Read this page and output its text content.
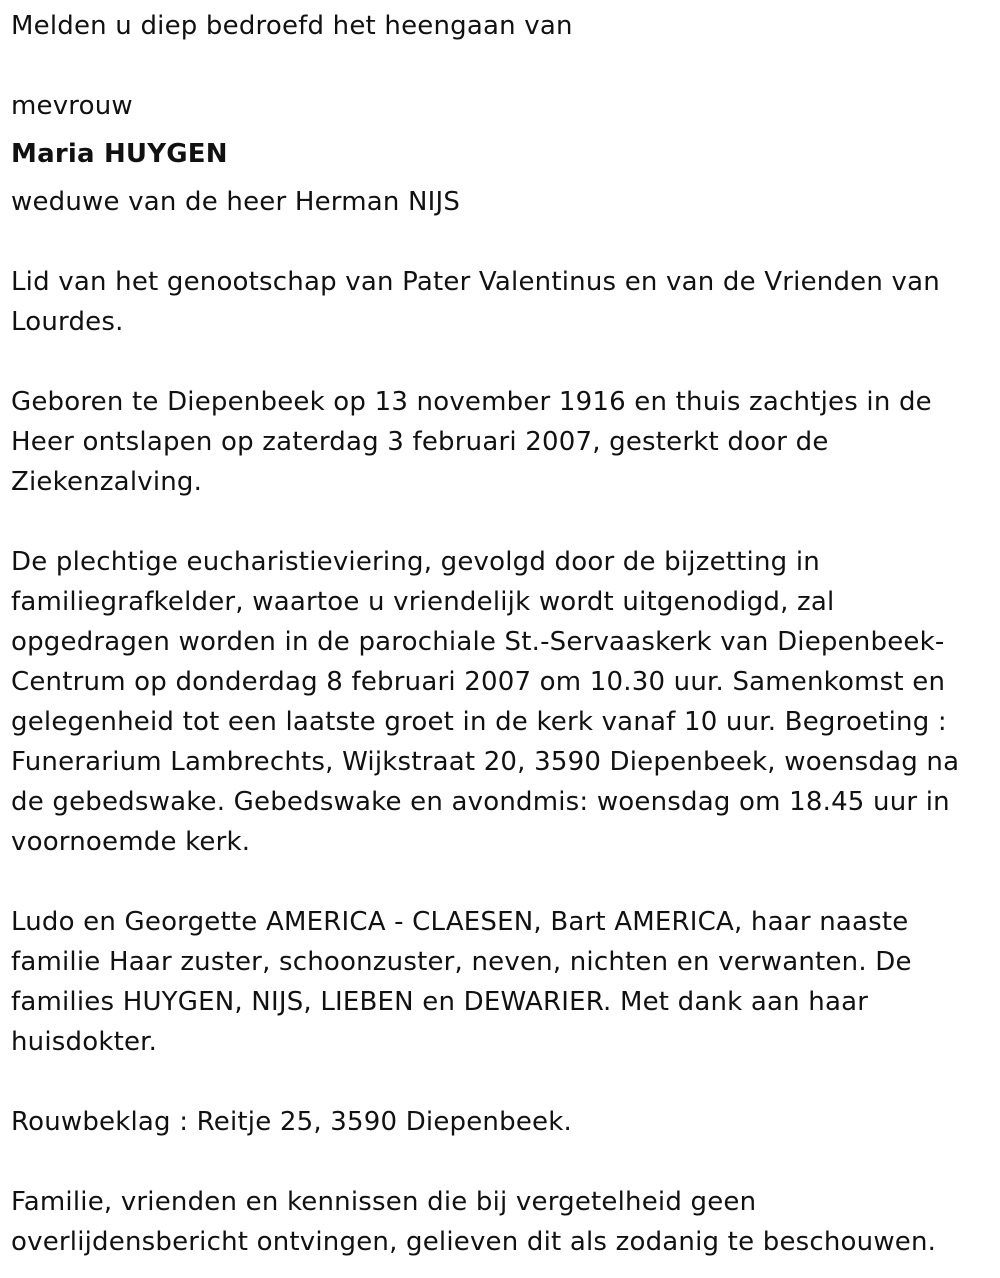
Melden u diep bedroefd het heengaan van
mevrouw
Maria HUYGEN
weduwe van de heer Herman NIJS
Lid van het genootschap van Pater Valentinus en van de Vrienden van
Lourdes.
Geboren te Diepenbeek op 13 november 1916 en thuis zachtjes in de
Heer ontslapen op zaterdag 3 februari 2007, gesterkt door de
Ziekenzalving.
De plechtige eucharistieviering, gevolgd door de bijzetting in
familiegrafkelder, waartoe u vriendelijk wordt uitgenodigd, zal
opgedragen worden in de parochiale St.-Servaaskerk van Diepenbeek-
Centrum op donderdag 8 februari 2007 om 10.30 uur. Samenkomst en
gelegenheid tot een laatste groet in de kerk vanaf 10 uur. Begroeting :
Funerarium Lambrechts, Wijkstraat 20, 3590 Diepenbeek, woensdag na
de gebedswake. Gebedswake en avondmis: woensdag om 18.45 uur in
voornoemde kerk.
Ludo en Georgette AMERICA - CLAESEN, Bart AMERICA, haar naaste
familie Haar zuster, schoonzuster, neven, nichten en verwanten. De
families HUYGEN, NIJS, LIEBEN en DEWARIER. Met dank aan haar
huisdokter.
Rouwbeklag : Reitje 25, 3590 Diepenbeek.
Familie, vrienden en kennissen die bij vergetelheid geen
overlijdensbericht ontvingen, gelieven dit als zodanig te beschouwen.
